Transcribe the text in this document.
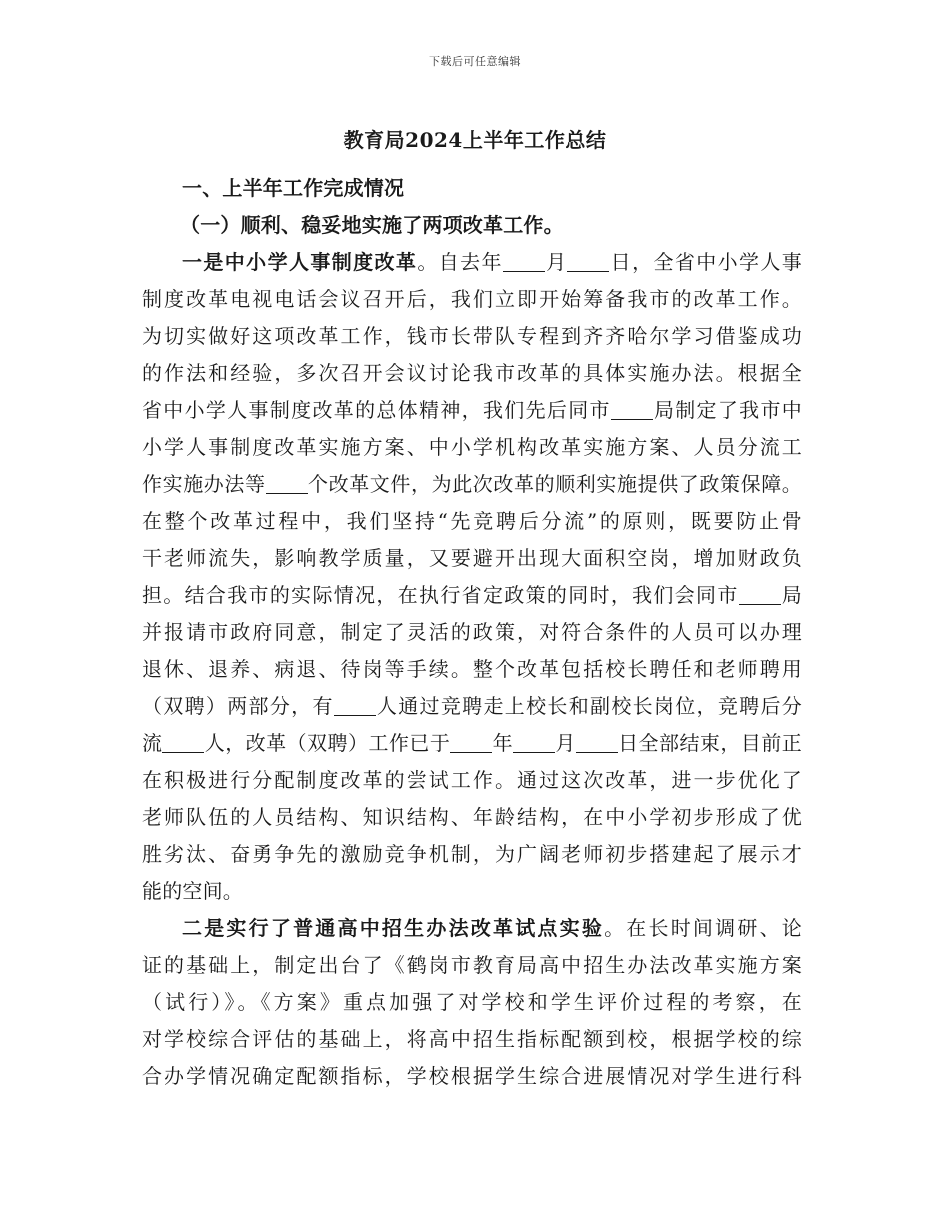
下载后可任意编辑
教育局2024上半年工作总结
一、上半年工作完成情况
（一）顺利、稳妥地实施了两项改革工作。
一是中小学人事制度改革。自去年 月 日，全省中小学人事
制度改革电视电话会议召开后，我们立即开始筹备我市的改革工作。
为切实做好这项改革工作，钱市长带队专程到齐齐哈尔学习借鉴成功
的作法和经验，多次召开会议讨论我市改革的具体实施办法。根据全
省中小学人事制度改革的总体精神，我们先后同市 局制定了我市中
小学人事制度改革实施方案、中小学机构改革实施方案、人员分流工
作实施办法等 个改革文件，为此次改革的顺利实施提供了政策保障。
在整个改革过程中，我们坚持“先竞聘后分流”的原则，既要防止骨
干老师流失，影响教学质量，又要避开出现大面积空岗，增加财政负
担。结合我市的实际情况，在执行省定政策的同时，我们会同市 局
并报请市政府同意，制定了灵活的政策，对符合条件的人员可以办理
退休、退养、病退、待岗等手续。整个改革包括校长聘任和老师聘用
（双聘）两部分，有 人通过竞聘走上校长和副校长岗位，竞聘后分
流 人，改革（双聘）工作已于 年 月 日全部结束，目前正
在积极进行分配制度改革的尝试工作。通过这次改革，进一步优化了
老师队伍的人员结构、知识结构、年龄结构，在中小学初步形成了优
胜劣汰、奋勇争先的激励竞争机制，为广阔老师初步搭建起了展示才
能的空间。
二是实行了普通高中招生办法改革试点实验。在长时间调研、论
证的基础上，制定出台了《鹤岗市教育局高中招生办法改革实施方案
（试行）》。《方案》重点加强了对学校和学生评价过程的考察，在
对学校综合评估的基础上，将高中招生指标配额到校，根据学校的综
合办学情况确定配额指标，学校根据学生综合进展情况对学生进行科
